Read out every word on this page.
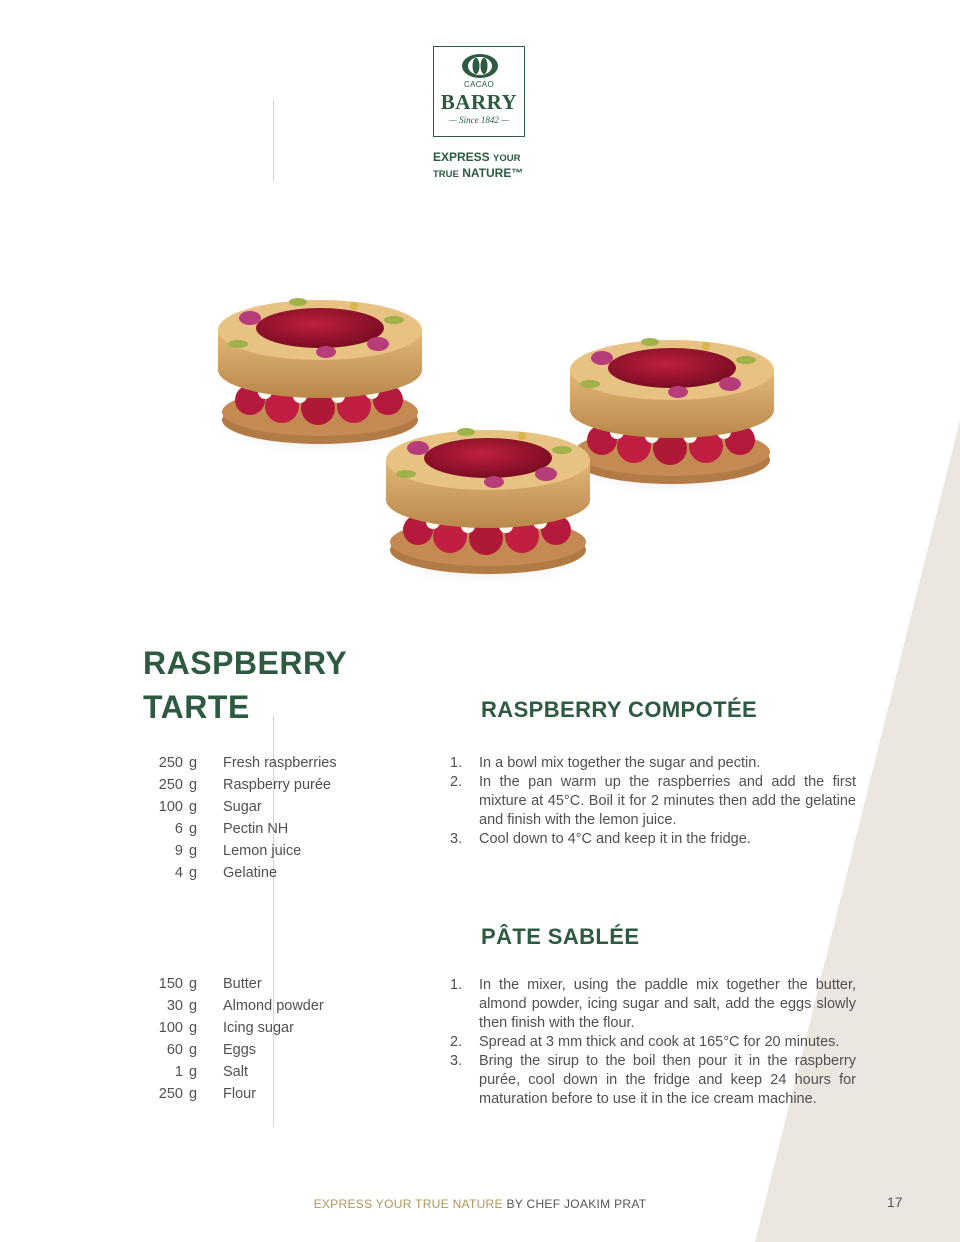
CACAO
BARRY
— Since 1842 —
EXPRESS YOUR
TRUE NATURE™
RASPBERRY
TARTE	RASPBERRY COMPOTÉE
250 g	Fresh raspberries
250 g	Raspberry purée
100 g	Sugar
6 g	Pectin NH
9 g	Lemon juice
4 g	Gelatine
1.	In a bowl mix together the sugar and pectin.
2.	In the pan warm up the raspberries and add the first mixture at 45°C. Boil it for 2 minutes then add the gelatine and finish with the lemon juice.
3.	Cool down to 4°C and keep it in the fridge.
PÂTE SABLÉE
150 g	Butter
30 g	Almond powder
100 g	Icing sugar
60 g	Eggs
1 g	Salt
250 g	Flour
1.	In the mixer, using the paddle mix together the butter, almond powder, icing sugar and salt, add the eggs slowly then finish with the flour.
2.	Spread at 3 mm thick and cook at 165°C for 20 minutes.
3.	Bring the sirup to the boil then pour it in the raspberry purée, cool down in the fridge and keep 24 hours for maturation before to use it in the ice cream machine.
EXPRESS YOUR TRUE NATURE BY CHEF JOAKIM PRAT	17
